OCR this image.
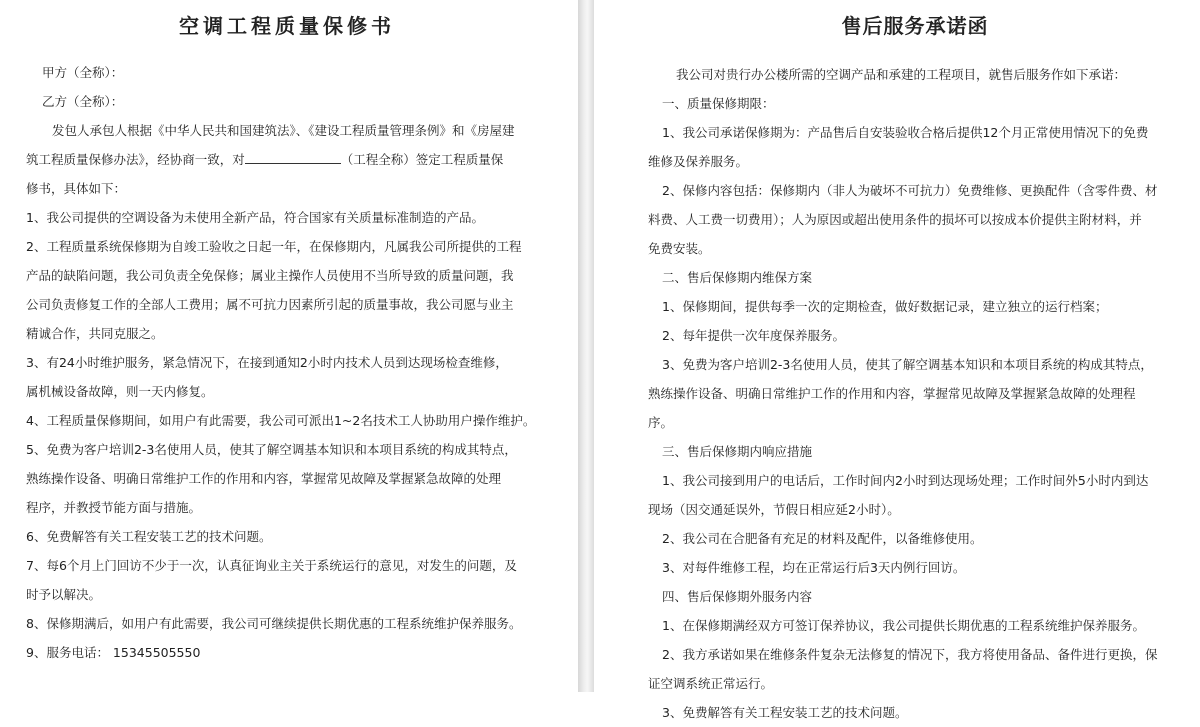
空调工程质量保修书

甲方（全称）：

乙方（全称）：

发包人承包人根据《中华人民共和国建筑法》、《建设工程质量管理条例》和《房屋建

筑工程质量保修办法》，经协商一致，对	（工程全称）签定工程质量保

修书，具体如下：

1、我公司提供的空调设备为未使用全新产品，符合国家有关质量标准制造的产品。

2、工程质量系统保修期为自竣工验收之日起一年，在保修期内，凡属我公司所提供的工程

产品的缺陷问题，我公司负责全免保修；属业主操作人员使用不当所导致的质量问题，我

公司负责修复工作的全部人工费用；属不可抗力因素所引起的质量事故，我公司愿与业主

精诚合作，共同克服之。

3、有24小时维护服务，紧急情况下，在接到通知2小时内技术人员到达现场检查维修，

属机械设备故障，则一天内修复。

4、工程质量保修期间，如用户有此需要，我公司可派出1~2名技术工人协助用户操作维护。

5、免费为客户培训2-3名使用人员，使其了解空调基本知识和本项目系统的构成其特点，

熟练操作设备、明确日常维护工作的作用和内容，掌握常见故障及掌握紧急故障的处理

程序，并教授节能方面与措施。

6、免费解答有关工程安装工艺的技术问题。

7、每6个月上门回访不少于一次，认真征询业主关于系统运行的意见，对发生的问题，及

时予以解决。

8、保修期满后，如用户有此需要，我公司可继续提供长期优惠的工程系统维护保养服务。

9、服务电话： 15345505550

售后服务承诺函

我公司对贵行办公楼所需的空调产品和承建的工程项目，就售后服务作如下承诺：

一、质量保修期限：

1、我公司承诺保修期为：产品售后自安装验收合格后提供12个月正常使用情况下的免费

维修及保养服务。

2、保修内容包括：保修期内（非人为破坏不可抗力）免费维修、更换配件（含零件费、材

料费、人工费一切费用）；人为原因或超出使用条件的损坏可以按成本价提供主附材料，并

免费安装。

二、售后保修期内维保方案

1、保修期间，提供每季一次的定期检查，做好数据记录，建立独立的运行档案；

2、每年提供一次年度保养服务。

3、免费为客户培训2-3名使用人员，使其了解空调基本知识和本项目系统的构成其特点，

熟练操作设备、明确日常维护工作的作用和内容，掌握常见故障及掌握紧急故障的处理程

序。

三、售后保修期内响应措施

1、我公司接到用户的电话后，工作时间内2小时到达现场处理；工作时间外5小时内到达

现场（因交通延误外，节假日相应延2小时）。

2、我公司在合肥备有充足的材料及配件，以备维修使用。

3、对每件维修工程，均在正常运行后3天内例行回访。

四、售后保修期外服务内容

1、在保修期满经双方可签订保养协议，我公司提供长期优惠的工程系统维护保养服务。

2、我方承诺如果在维修条件复杂无法修复的情况下，我方将使用备品、备件进行更换，保

证空调系统正常运行。

3、免费解答有关工程安装工艺的技术问题。
